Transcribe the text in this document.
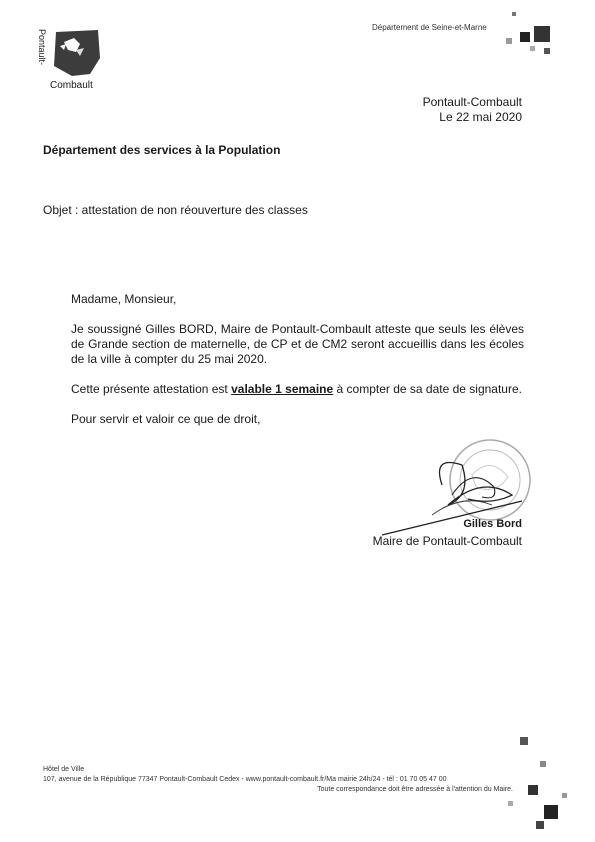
Pontault-
Combault
Département de Seine-et-Marne
Pontault-Combault
Le 22 mai 2020
Département des services à la Population
Objet : attestation de non réouverture des classes

Madame, Monsieur,

Je soussigné Gilles BORD, Maire de Pontault-Combault atteste que seuls les élèves de Grande section de maternelle, de CP et de CM2 seront accueillis dans les écoles de la ville à compter du 25 mai 2020.

Cette présente attestation est valable 1 semaine à compter de sa date de signature.

Pour servir et valoir ce que de droit,

Gilles Bord
Maire de Pontault-Combault
Hôtel de Ville
107, avenue de la République 77347 Pontault-Combault Cedex - www.pontault-combault.fr/Ma mairie 24h/24 - tél : 01 70 05 47 00
Toute correspondance doit être adressée à l'attention du Maire.
